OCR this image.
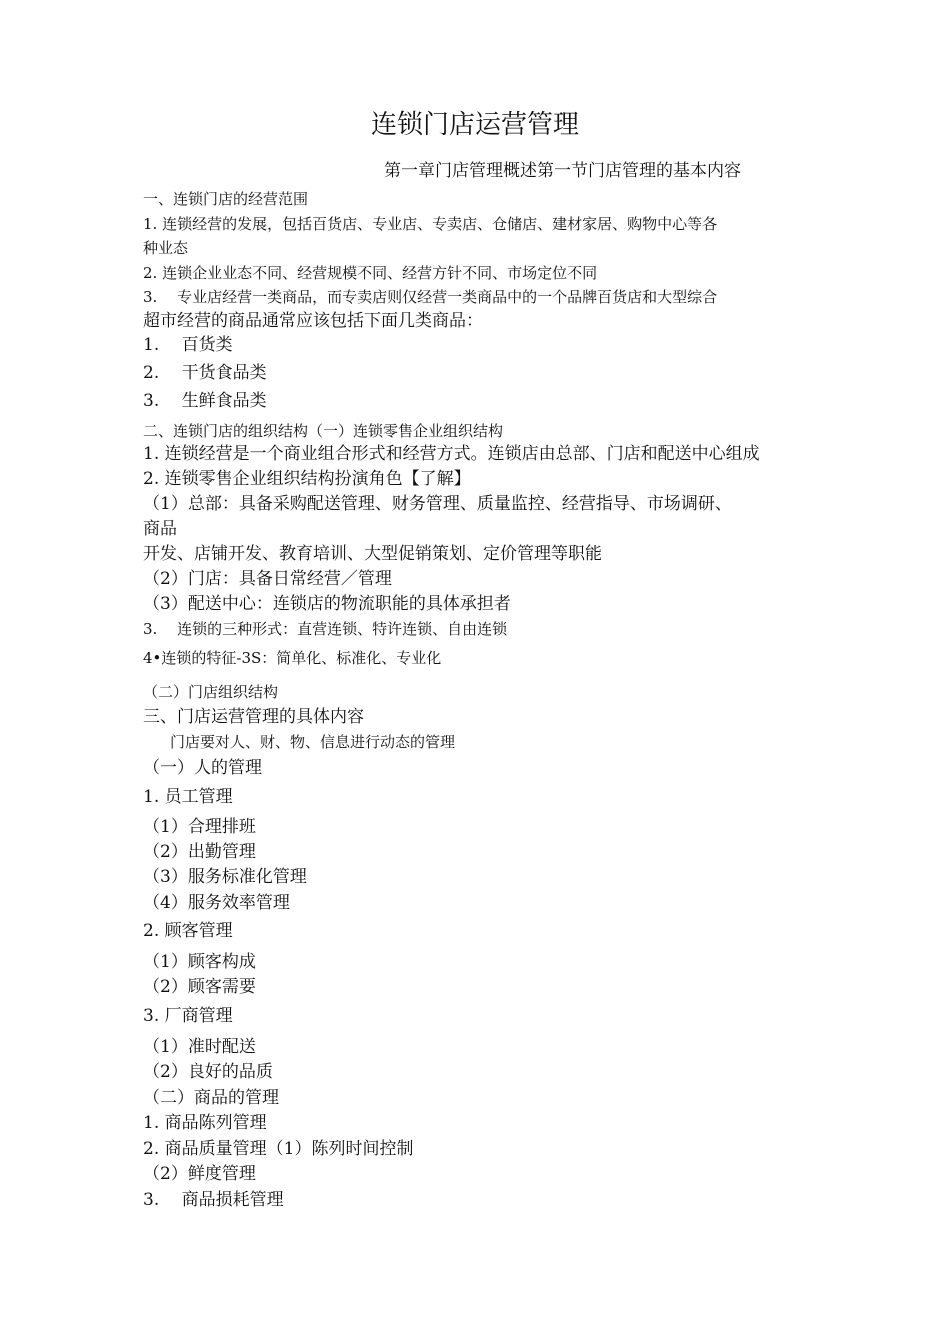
连锁门店运营管理
第一章门店管理概述第一节门店管理的基本内容
一、连锁门店的经营范围
1. 连锁经营的发展，包括百货店、专业店、专卖店、仓储店、建材家居、购物中心等各
种业态
2. 连锁企业业态不同、经营规模不同、经营方针不同、市场定位不同
3.　 专业店经营一类商品，而专卖店则仅经营一类商品中的一个品牌百货店和大型综合
超市经营的商品通常应该包括下面几类商品：
1.　 百货类
2.　 干货食品类
3.　 生鲜食品类
二、连锁门店的组织结构（一）连锁零售企业组织结构
1. 连锁经营是一个商业组合形式和经营方式。连锁店由总部、门店和配送中心组成
2. 连锁零售企业组织结构扮演角色【了解】
（1）总部：具备采购配送管理、财务管理、质量监控、经营指导、市场调研、
商品
开发、店铺开发、教育培训、大型促销策划、定价管理等职能
（2）门店：具备日常经营／管理
（3）配送中心：连锁店的物流职能的具体承担者
3.　 连锁的三种形式：直营连锁、特许连锁、自由连锁
4•连锁的特征-3S：简单化、标准化、专业化
（二）门店组织结构
三、门店运营管理的具体内容
门店要对人、财、物、信息进行动态的管理
（一）人的管理
1. 员工管理
（1）合理排班
（2）出勤管理
（3）服务标准化管理
（4）服务效率管理
2. 顾客管理
（1）顾客构成
（2）顾客需要
3. 厂商管理
（1）准时配送
（2）良好的品质
（二）商品的管理
1. 商品陈列管理
2. 商品质量管理（1）陈列时间控制
（2）鲜度管理
3.　 商品损耗管理
